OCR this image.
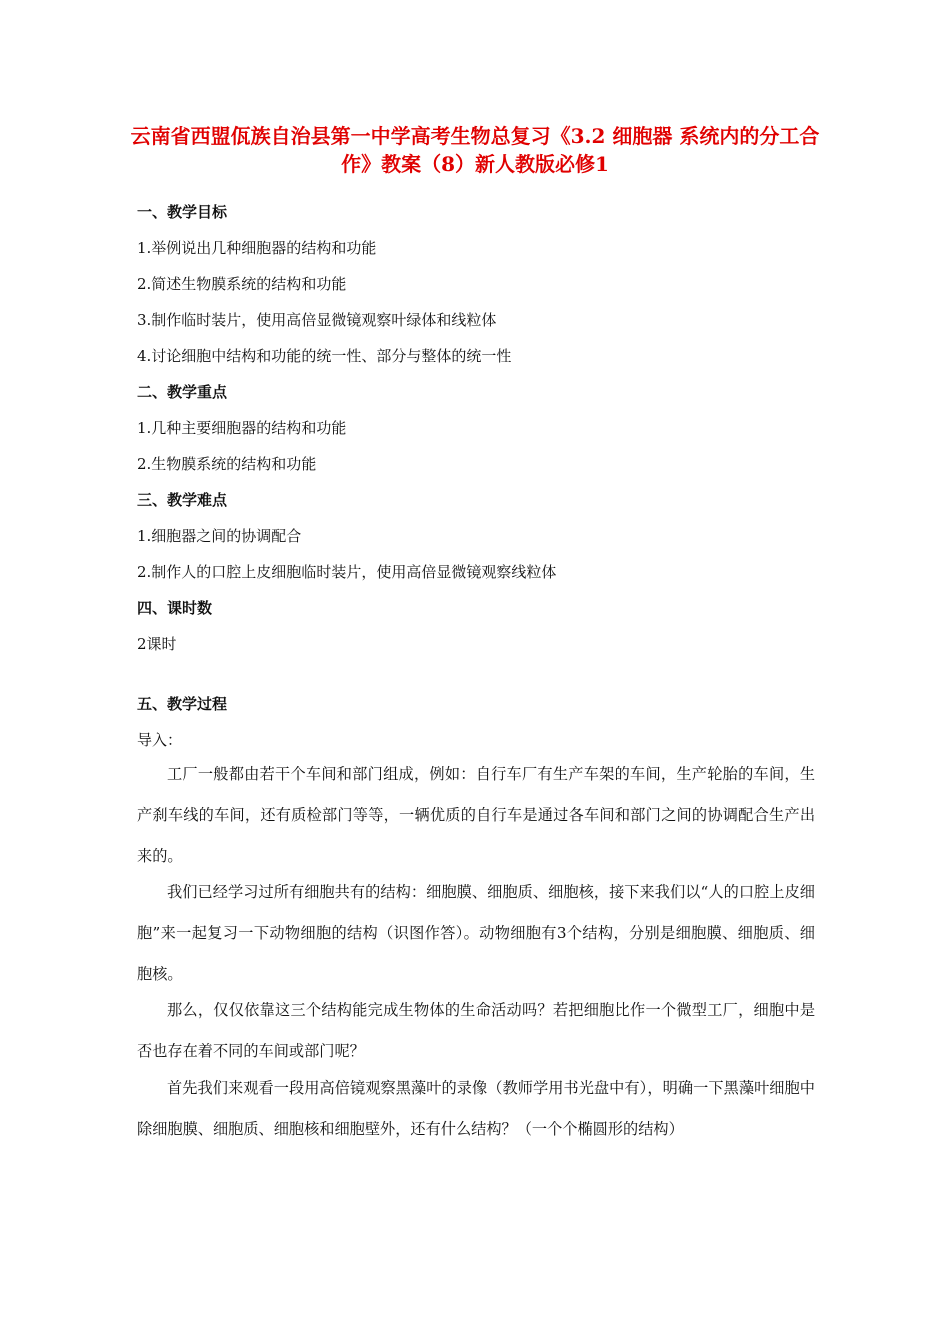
云南省西盟佤族自治县第一中学高考生物总复习《3.2 细胞器 系统内的分工合作》教案（8）新人教版必修1
一、教学目标
1.举例说出几种细胞器的结构和功能
2.简述生物膜系统的结构和功能
3.制作临时装片，使用高倍显微镜观察叶绿体和线粒体
4.讨论细胞中结构和功能的统一性、部分与整体的统一性
二、教学重点
1.几种主要细胞器的结构和功能
2.生物膜系统的结构和功能
三、教学难点
1.细胞器之间的协调配合
2.制作人的口腔上皮细胞临时装片，使用高倍显微镜观察线粒体
四、课时数
2课时
五、教学过程
导入：
工厂一般都由若干个车间和部门组成，例如：自行车厂有生产车架的车间，生产轮胎的车间，生产刹车线的车间，还有质检部门等等，一辆优质的自行车是通过各车间和部门之间的协调配合生产出来的。
我们已经学习过所有细胞共有的结构：细胞膜、细胞质、细胞核，接下来我们以“人的口腔上皮细胞”来一起复习一下动物细胞的结构（识图作答）。动物细胞有3个结构，分别是细胞膜、细胞质、细胞核。
那么，仅仅依靠这三个结构能完成生物体的生命活动吗？若把细胞比作一个微型工厂，细胞中是否也存在着不同的车间或部门呢？
首先我们来观看一段用高倍镜观察黑藻叶的录像（教师学用书光盘中有），明确一下黑藻叶细胞中除细胞膜、细胞质、细胞核和细胞壁外，还有什么结构？（一个个椭圆形的结构）
